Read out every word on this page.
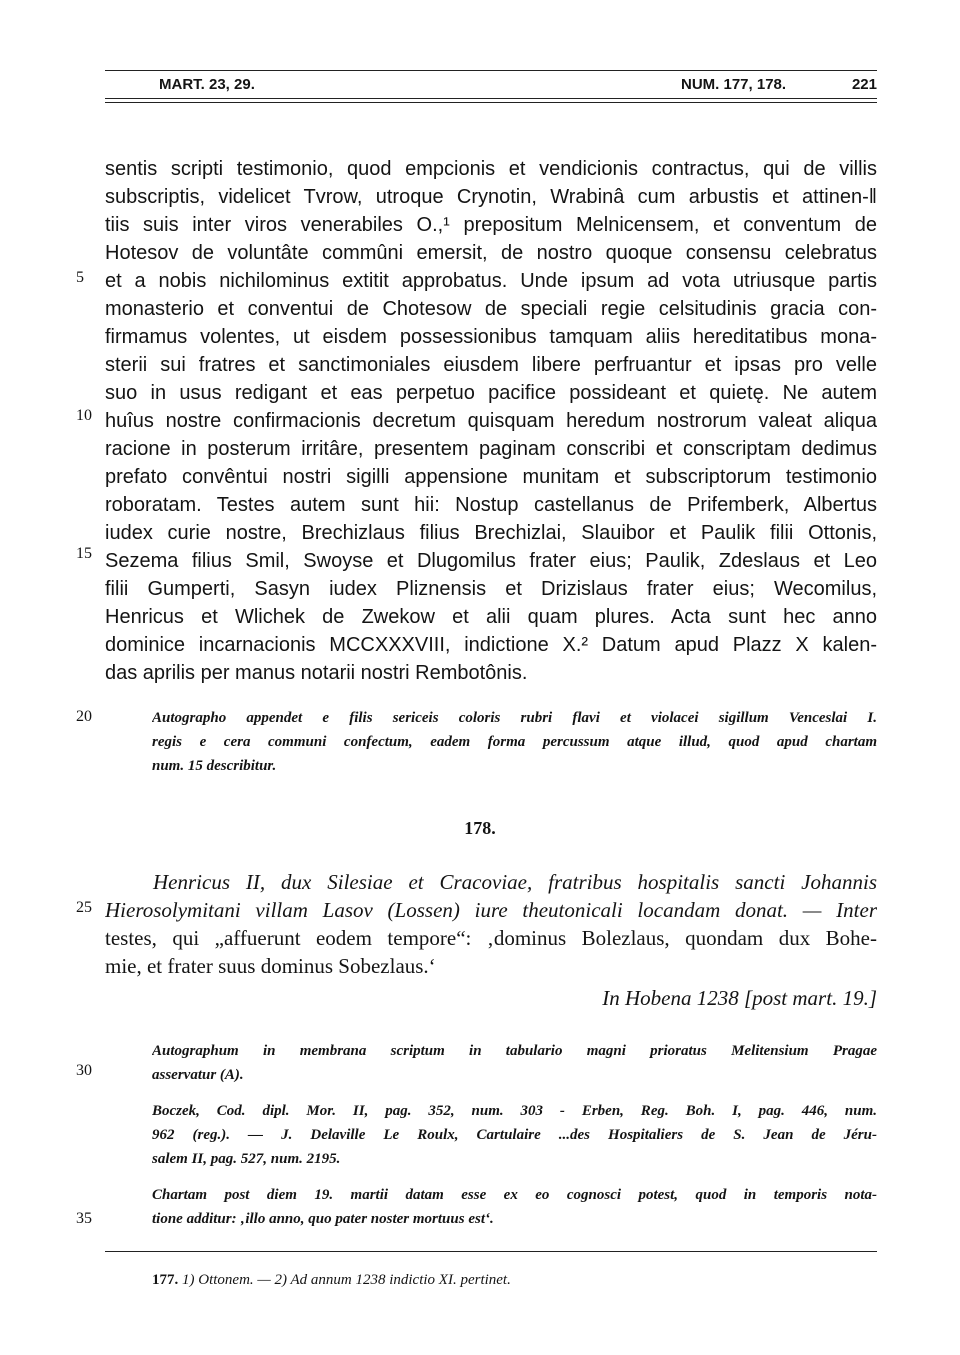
MART. 23, 29.	NUM. 177, 178.	221
sentis scripti testimonio, quod empcionis et vendicionis contractus, qui de villis
subscriptis, videlicet Tvrow, utroque Crynotin, Wrabinâ cum arbustis et attinen-‖
tiis suis inter viros venerabiles O.,¹ prepositum Melnicensem, et conventum de
Hotesov de voluntâte commûni emersit, de nostro quoque consensu celebratus
et a nobis nichilominus extitit approbatus. Unde ipsum ad vota utriusque partis
monasterio et conventui de Chotesow de speciali regie celsitudinis gracia con-
firmamus volentes, ut eisdem possessionibus tamquam aliis hereditatibus mona-
sterii sui fratres et sanctimoniales eiusdem libere perfruantur et ipsas pro velle
suo in usus redigant et eas perpetuo pacifice possideant et quietę. Ne autem
huîus nostre confirmacionis decretum quisquam heredum nostrorum valeat aliqua
racione in posterum irritâre, presentem paginam conscribi et conscriptam dedimus
prefato convêntui nostri sigilli appensione munitam et subscriptorum testimonio
roboratam. Testes autem sunt hii: Nostup castellanus de Prifemberk, Albertus
iudex curie nostre, Brechizlaus filius Brechizlai, Slauibor et Paulik filii Ottonis,
Sezema filius Smil, Swoyse et Dlugomilus frater eius; Paulik, Zdeslaus et Leo
filii Gumperti, Sasyn iudex Pliznensis et Drizislaus frater eius; Wecomilus,
Henricus et Wlichek de Zwekow et alii quam plures. Acta sunt hec anno
dominice incarnacionis MCCXXXVIII, indictione X.² Datum apud Plazz X kalen-
das aprilis per manus notarii nostri Rembotônis.
5
10
15
20
25
30
35
Autographo appendet e filis sericeis coloris rubri flavi et violacei sigillum Venceslai I.
regis e cera communi confectum, eadem forma percussum atque illud, quod apud chartam
num. 15 describitur.
178.
Henricus II, dux Silesiae et Cracoviae, fratribus hospitalis sancti Johannis
Hierosolymitani villam Lasov (Lossen) iure theutonicali locandam donat. — Inter
testes, qui „affuerunt eodem tempore“: ‚dominus Bolezlaus, quondam dux Bohe-
mie, et frater suus dominus Sobezlaus.‘
In Hobena 1238 [post mart. 19.]
Autographum in membrana scriptum in tabulario magni prioratus Melitensium Pragae
asservatur (A).
Boczek, Cod. dipl. Mor. II, pag. 352, num. 303 - Erben, Reg. Boh. I, pag. 446, num.
962 (reg.). — J. Delaville Le Roulx, Cartulaire ...des Hospitaliers de S. Jean de Jéru-
salem II, pag. 527, num. 2195.
Chartam post diem 19. martii datam esse ex eo cognosci potest, quod in temporis nota-
tione additur: ‚illo anno, quo pater noster mortuus est‘.
177. 1) Ottonem. — 2) Ad annum 1238 indictio XI. pertinet.
